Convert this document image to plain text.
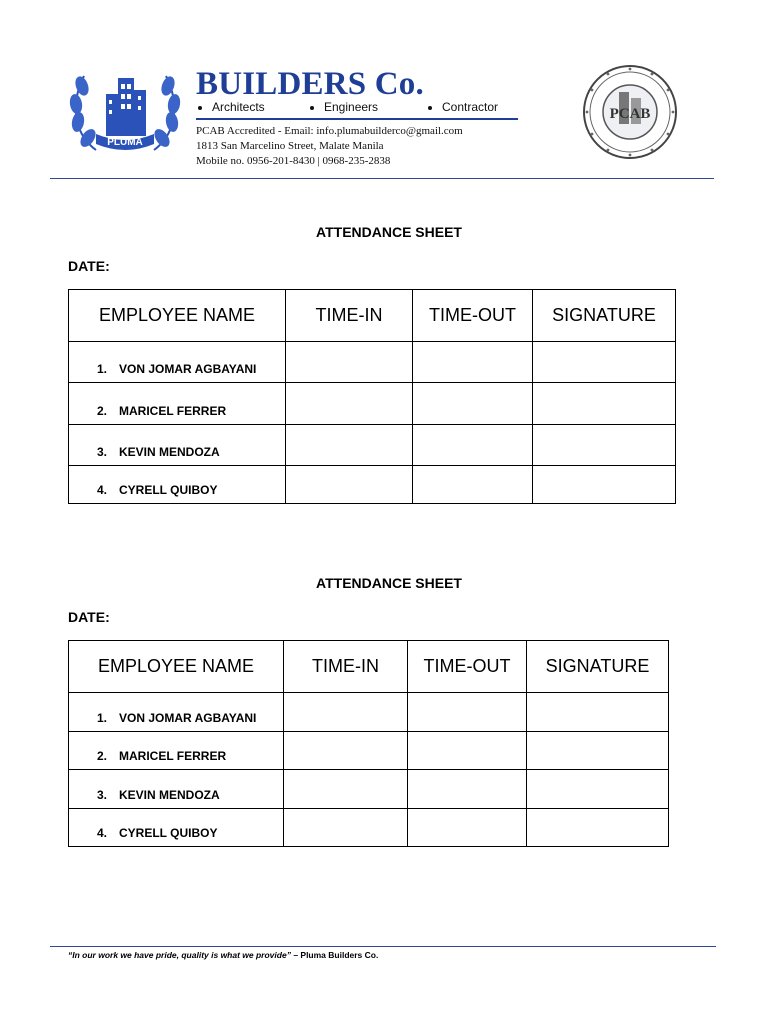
PLUMA
BUILDERS Co.
Architects	Engineers	Contractor
PCAB Accredited - Email: info.plumabuilderco@gmail.com
1813 San Marcelino Street, Malate Manila
Mobile no. 0956-201-8430 | 0968-235-2838
PCAB
ATTENDANCE SHEET
DATE:
EMPLOYEE NAME	TIME-IN	TIME-OUT	SIGNATURE
1. VON JOMAR AGBAYANI			
2. MARICEL FERRER			
3. KEVIN MENDOZA			
4. CYRELL QUIBOY			
ATTENDANCE SHEET
DATE:
EMPLOYEE NAME	TIME-IN	TIME-OUT	SIGNATURE
1. VON JOMAR AGBAYANI			
2. MARICEL FERRER			
3. KEVIN MENDOZA			
4. CYRELL QUIBOY			
“In our work we have pride, quality is what we provide” – Pluma Builders Co.
